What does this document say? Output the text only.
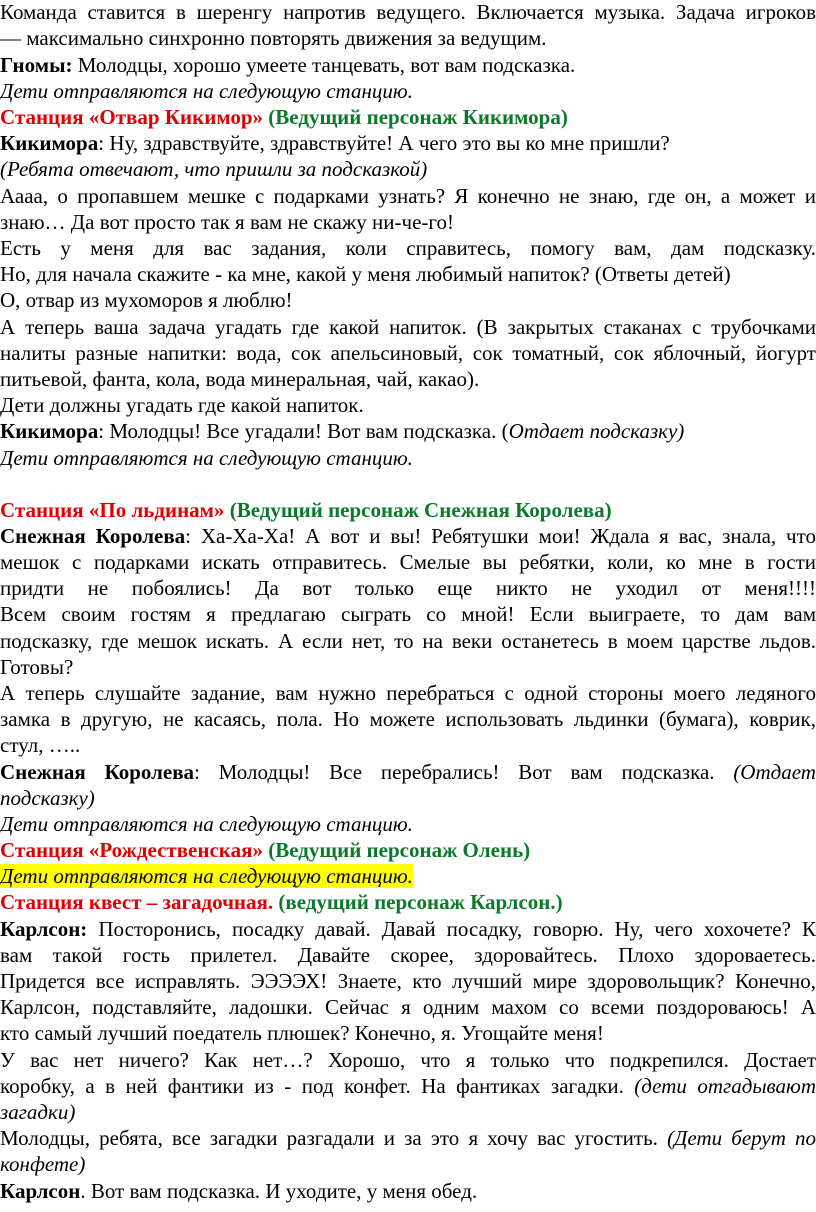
Команда ставится в шеренгу напротив ведущего. Включается музыка. Задача игроков
— максимально синхронно повторять движения за ведущим.
Гномы: Молодцы, хорошо умеете танцевать, вот вам подсказка.
Дети отправляются на следующую станцию.
Станция «Отвар Кикимор» (Ведущий персонаж Кикимора)
Кикимора: Ну, здравствуйте, здравствуйте! А чего это вы ко мне пришли?
(Ребята отвечают, что пришли за подсказкой)
Аааа, о пропавшем мешке с подарками узнать? Я конечно не знаю, где он, а может и
знаю… Да вот просто так я вам не скажу ни-че-го!
Есть у меня для вас задания, коли справитесь, помогу вам, дам подсказку.
Но, для начала скажите - ка мне, какой у меня любимый напиток? (Ответы детей)
О, отвар из мухоморов я люблю!
А теперь ваша задача угадать где какой напиток. (В закрытых стаканах с трубочками
налиты разные напитки: вода, сок апельсиновый, сок томатный, сок яблочный, йогурт
питьевой, фанта, кола, вода минеральная, чай, какао).
Дети должны угадать где какой напиток.
Кикимора: Молодцы! Все угадали! Вот вам подсказка. (Отдает подсказку)
Дети отправляются на следующую станцию.
Станция «По льдинам» (Ведущий персонаж Снежная Королева)
Снежная Королева: Ха-Ха-Ха! А вот и вы! Ребятушки мои! Ждала я вас, знала, что
мешок с подарками искать отправитесь. Смелые вы ребятки, коли, ко мне в гости
придти не побоялись! Да вот только еще никто не уходил от меня!!!!
Всем своим гостям я предлагаю сыграть со мной! Если выиграете, то дам вам
подсказку, где мешок искать. А если нет, то на веки останетесь в моем царстве льдов.
Готовы?
А теперь слушайте задание, вам нужно перебраться с одной стороны моего ледяного
замка в другую, не касаясь, пола. Но можете использовать льдинки (бумага), коврик,
стул, …..
Снежная Королева: Молодцы! Все перебрались! Вот вам подсказка. (Отдает
подсказку)
Дети отправляются на следующую станцию.
Станция «Рождественская» (Ведущий персонаж Олень)
Дети отправляются на следующую станцию.
Станция квест – загадочная. (ведущий персонаж Карлсон.)
Карлсон: Посторонись, посадку давай. Давай посадку, говорю. Ну, чего хохочете? К
вам такой гость прилетел. Давайте скорее, здоровайтесь. Плохо здороваетесь.
Придется все исправлять. ЭЭЭЭХ! Знаете, кто лучший мире здоровольщик? Конечно,
Карлсон, подставляйте, ладошки. Сейчас я одним махом со всеми поздороваюсь! А
кто самый лучший поедатель плюшек? Конечно, я. Угощайте меня!
У вас нет ничего? Как нет…? Хорошо, что я только что подкрепился. Достает
коробку, а в ней фантики из - под конфет. На фантиках загадки. (дети отгадывают
загадки)
Молодцы, ребята, все загадки разгадали и за это я хочу вас угостить. (Дети берут по
конфете)
Карлсон. Вот вам подсказка. И уходите, у меня обед.
